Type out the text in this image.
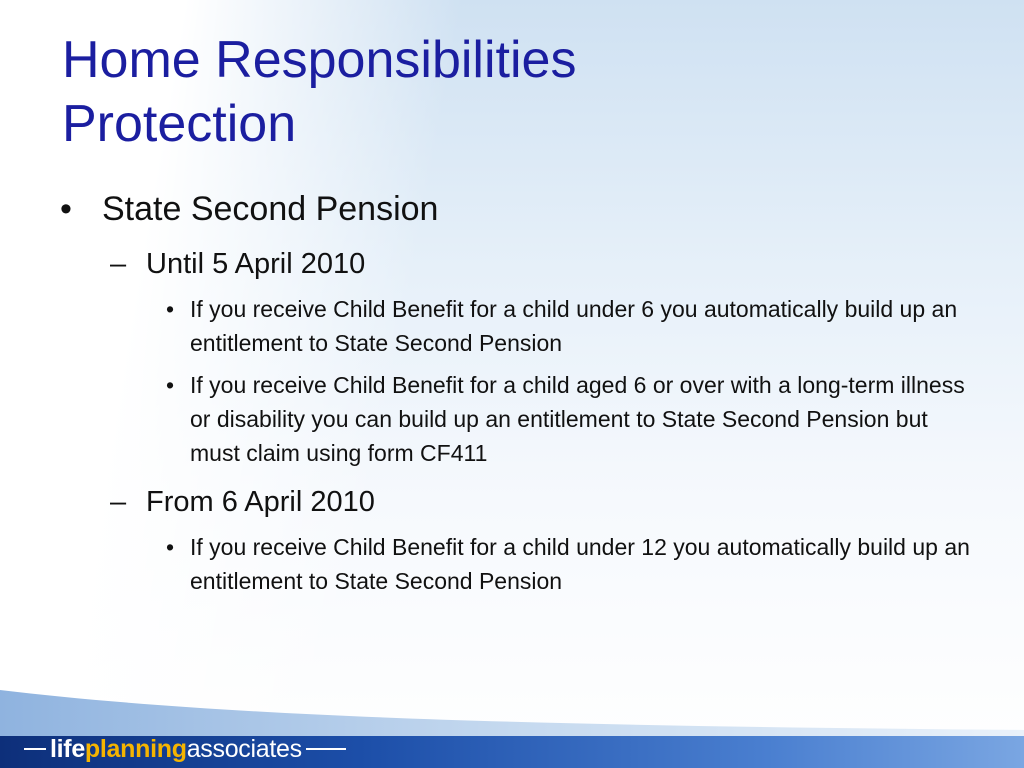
Home Responsibilities
Protection
• State Second Pension
– Until 5 April 2010
• If you receive Child Benefit for a child under 6 you automatically build up an entitlement to State Second Pension
• If you receive Child Benefit for a child aged 6 or over with a long-term illness or disability you can build up an entitlement to State Second Pension but must claim using form CF411
– From 6 April 2010
• If you receive Child Benefit for a child under 12 you automatically build up an entitlement to State Second Pension
life planning associates
